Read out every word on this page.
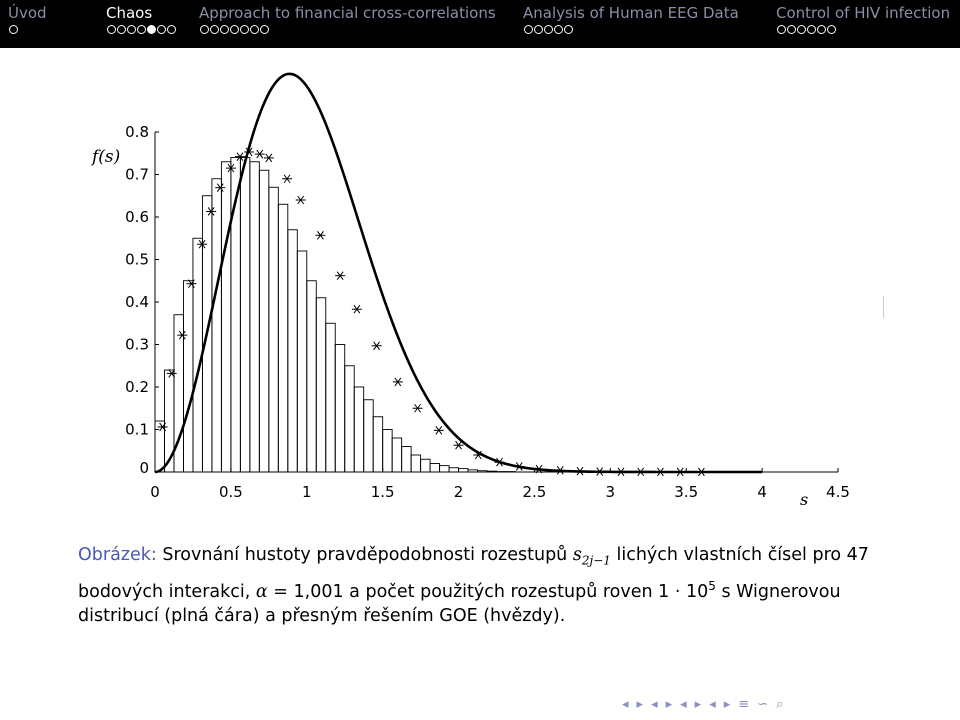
Úvod	Chaos	Approach to financial cross-correlations Analysis of Human EEG Data Control of HIV infection
0	0.5	1	1.5	2	2.5	3	3.5	4	4.5
0
0.1
0.2
0.3
0.4
0.5
0.6
0.7
0.8
f(s)
s
Obrázek: Srovnání hustoty pravděpodobnosti rozestupů $s_{2j-1}$ lichých vlastních čísel pro 47 bodových interakci, α = 1,001 a počet použitých rozestupů roven $1 \cdot 10^5$ s Wignerovou distribucí (plná čára) a přesným řešením GOE (hvězdy).
◂ ▸ ◂ ▸ ◂ ▸ ◂ ▸ ≡ ∽ ⌕
